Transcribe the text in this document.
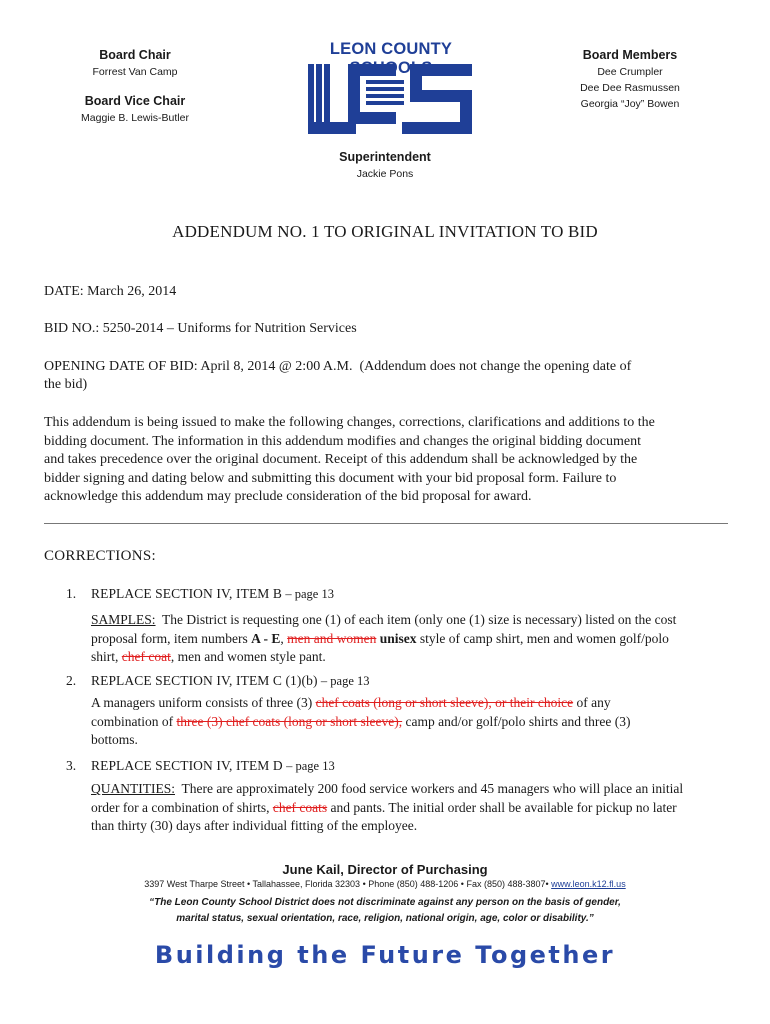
Board Chair
Forrest Van Camp
Board Vice Chair
Maggie B. Lewis-Butler
LEON COUNTY	Board Members
Dee Crumpler
Dee Dee Rasmussen
Georgia “Joy” Bowen
Superintendent
Jackie Pons
ADDENDUM NO. 1 TO ORIGINAL INVITATION TO BID
DATE: March 26, 2014
BID NO.: 5250-2014 – Uniforms for Nutrition Services
OPENING DATE OF BID: April 8, 2014 @ 2:00 A.M. (Addendum does not change the opening date of
the bid)
This addendum is being issued to make the following changes, corrections, clarifications and additions to the
bidding document. The information in this addendum modifies and changes the original bidding document
and takes precedence over the original document. Receipt of this addendum shall be acknowledged by the
bidder signing and dating below and submitting this document with your bid proposal form. Failure to
acknowledge this addendum may preclude consideration of the bid proposal for award.
CORRECTIONS:
1. REPLACE SECTION IV, ITEM B – page 13
SAMPLES: The District is requesting one (1) of each item (only one (1) size is necessary) listed on the cost
proposal form, item numbers A - E, men and women unisex style of camp shirt, men and women golf/polo
shirt, chef coat, men and women style pant.
2. REPLACE SECTION IV, ITEM C (1)(b) – page 13
A managers uniform consists of three (3) chef coats (long or short sleeve), or their choice of any
combination of three (3) chef coats (long or short sleeve), camp and/or golf/polo shirts and three (3)
bottoms.
3. REPLACE SECTION IV, ITEM D – page 13
QUANTITIES: There are approximately 200 food service workers and 45 managers who will place an initial
order for a combination of shirts, chef coats and pants. The initial order shall be available for pickup no later
than thirty (30) days after individual fitting of the employee.
June Kail, Director of Purchasing
3397 West Tharpe Street • Tallahassee, Florida 32303 • Phone (850) 488-1206 • Fax (850) 488-3807• www.leon.k12.fl.us
“The Leon County School District does not discriminate against any person on the basis of gender,
marital status, sexual orientation, race, religion, national origin, age, color or disability.”
Building the Future Together
